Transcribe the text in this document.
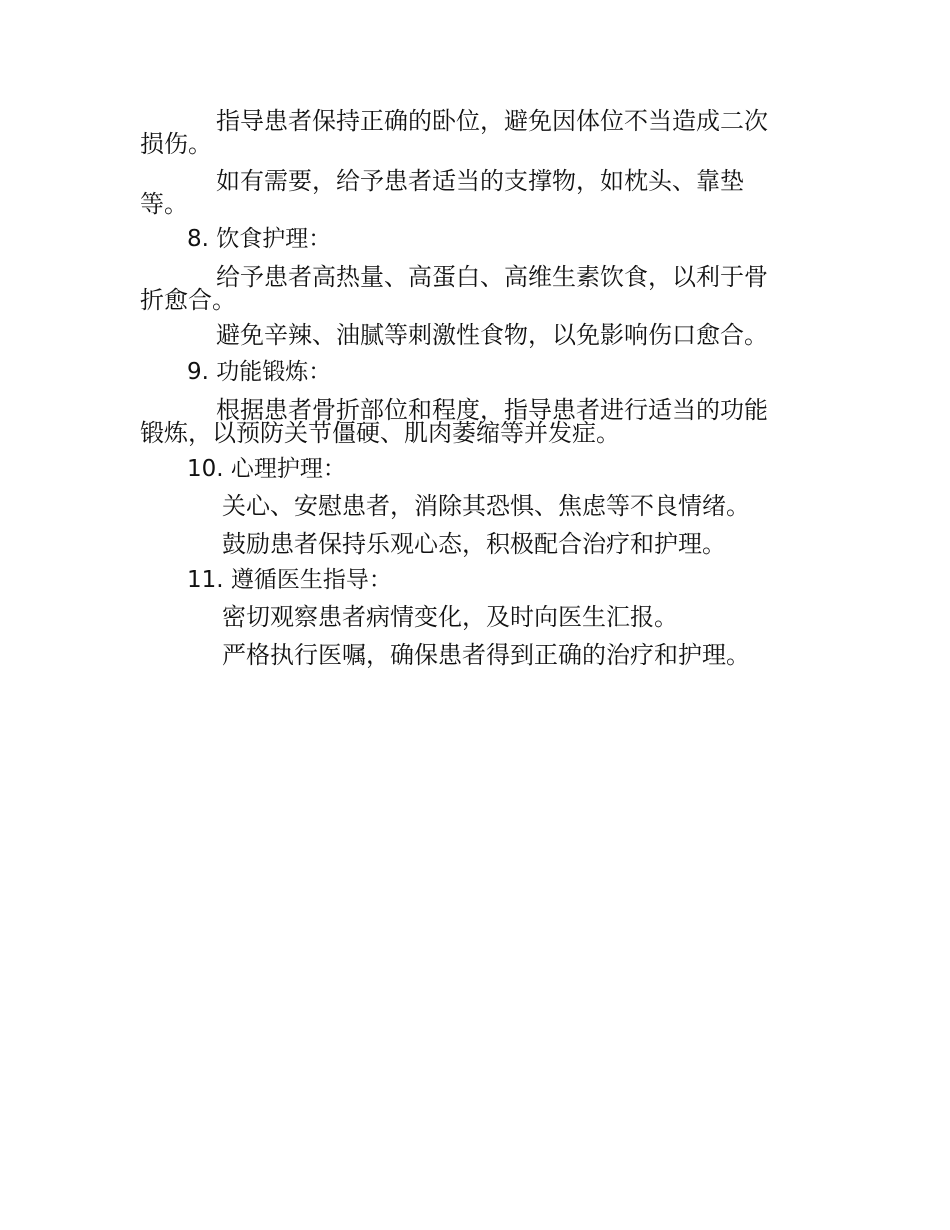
指导患者保持正确的卧位，避免因体位不当造成二次
损伤。
如有需要，给予患者适当的支撑物，如枕头、靠垫
等。
8. 饮食护理：
给予患者高热量、高蛋白、高维生素饮食，以利于骨
折愈合。
避免辛辣、油腻等刺激性食物，以免影响伤口愈合。
9. 功能锻炼：
根据患者骨折部位和程度，指导患者进行适当的功能
锻炼，以预防关节僵硬、肌肉萎缩等并发症。
10. 心理护理：
关心、安慰患者，消除其恐惧、焦虑等不良情绪。
鼓励患者保持乐观心态，积极配合治疗和护理。
11. 遵循医生指导：
密切观察患者病情变化，及时向医生汇报。
严格执行医嘱，确保患者得到正确的治疗和护理。
